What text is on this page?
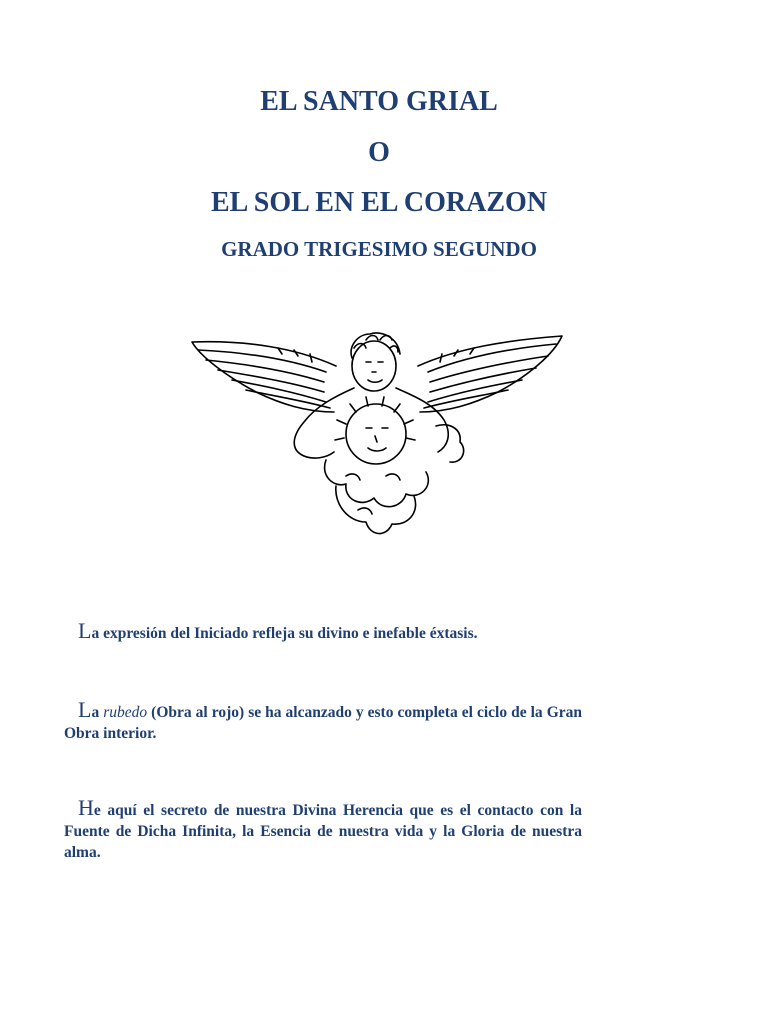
EL SANTO GRIAL
O
EL SOL EN EL CORAZON
GRADO TRIGESIMO SEGUNDO

La expresión del Iniciado refleja su divino e inefable éxtasis.

La rubedo (Obra al rojo) se ha alcanzado y esto completa el ciclo de la Gran Obra interior.

He aquí el secreto de nuestra Divina Herencia que es el contacto con la Fuente de Dicha Infinita, la Esencia de nuestra vida y la Gloria de nuestra alma.
